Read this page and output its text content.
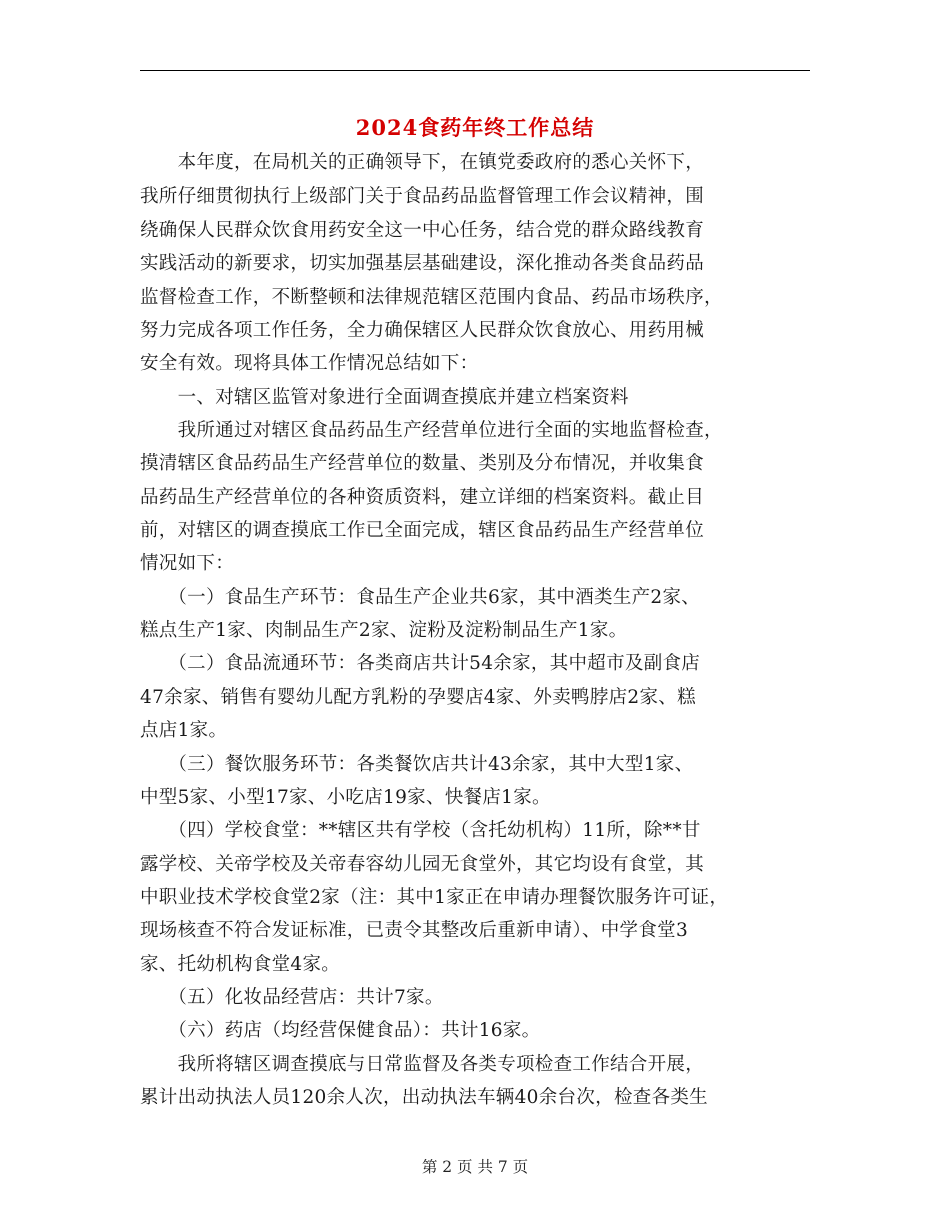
2024食药年终工作总结
　　本年度，在局机关的正确领导下，在镇党委政府的悉心关怀下，
我所仔细贯彻执行上级部门关于食品药品监督管理工作会议精神，围
绕确保人民群众饮食用药安全这一中心任务，结合党的群众路线教育
实践活动的新要求，切实加强基层基础建设，深化推动各类食品药品
监督检查工作，不断整顿和法律规范辖区范围内食品、药品市场秩序，
努力完成各项工作任务，全力确保辖区人民群众饮食放心、用药用械
安全有效。现将具体工作情况总结如下：
　　一、对辖区监管对象进行全面调查摸底并建立档案资料
　　我所通过对辖区食品药品生产经营单位进行全面的实地监督检查，
摸清辖区食品药品生产经营单位的数量、类别及分布情况，并收集食
品药品生产经营单位的各种资质资料，建立详细的档案资料。截止目
前，对辖区的调查摸底工作已全面完成，辖区食品药品生产经营单位
情况如下：
　　（一）食品生产环节：食品生产企业共6家，其中酒类生产2家、
糕点生产1家、肉制品生产2家、淀粉及淀粉制品生产1家。
　　（二）食品流通环节：各类商店共计54余家，其中超市及副食店
47余家、销售有婴幼儿配方乳粉的孕婴店4家、外卖鸭脖店2家、糕
点店1家。
　　（三）餐饮服务环节：各类餐饮店共计43余家，其中大型1家、
中型5家、小型17家、小吃店19家、快餐店1家。
　　（四）学校食堂：**辖区共有学校（含托幼机构）11所，除**甘
露学校、关帝学校及关帝春容幼儿园无食堂外，其它均设有食堂，其
中职业技术学校食堂2家（注：其中1家正在申请办理餐饮服务许可证，
现场核查不符合发证标准，已责令其整改后重新申请）、中学食堂3
家、托幼机构食堂4家。
　　（五）化妆品经营店：共计7家。
　　（六）药店（均经营保健食品）：共计16家。
　　我所将辖区调查摸底与日常监督及各类专项检查工作结合开展，
累计出动执法人员120余人次，出动执法车辆40余台次，检查各类生
第 2 页 共 7 页
